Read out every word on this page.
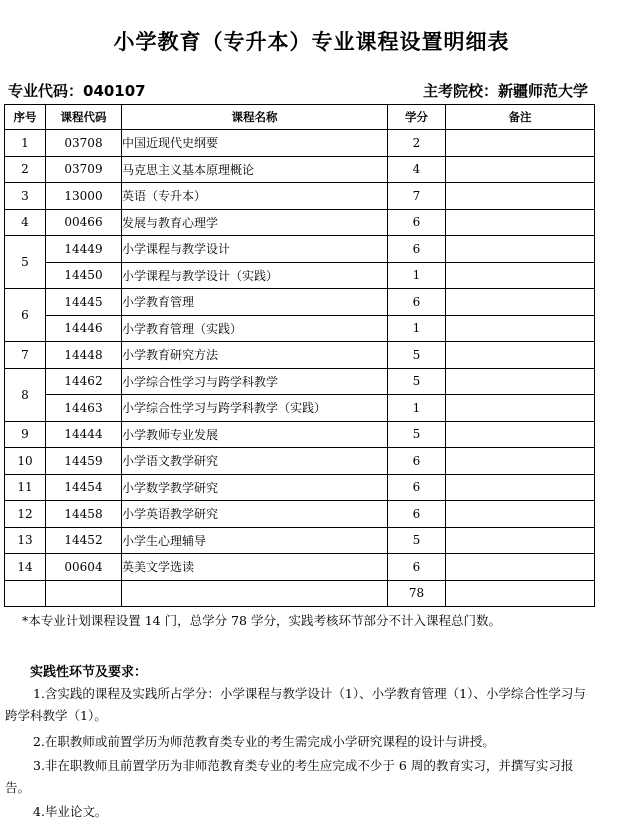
小学教育（专升本）专业课程设置明细表
专业代码：040107	主考院校：新疆师范大学
序号	课程代码	课程名称	学分	备注
1	03708	中国近现代史纲要	2	
2	03709	马克思主义基本原理概论	4	
3	13000	英语（专升本）	7	
4	00466	发展与教育心理学	6	
5	14449	小学课程与教学设计	6	
	14450	小学课程与教学设计（实践）	1	
6	14445	小学教育管理	6	
	14446	小学教育管理（实践）	1	
7	14448	小学教育研究方法	5	
8	14462	小学综合性学习与跨学科教学	5	
	14463	小学综合性学习与跨学科教学（实践）	1	
9	14444	小学教师专业发展	5	
10	14459	小学语文教学研究	6	
11	14454	小学数学教学研究	6	
12	14458	小学英语教学研究	6	
13	14452	小学生心理辅导	5	
14	00604	英美文学选读	6	
			78	
*本专业计划课程设置 14 门，总学分 78 学分，实践考核环节部分不计入课程总门数。
实践性环节及要求：
1.含实践的课程及实践所占学分：小学课程与教学设计（1）、小学教育管理（1）、小学综合性学习与跨学科教学（1）。
2.在职教师或前置学历为师范教育类专业的考生需完成小学研究课程的设计与讲授。
3.非在职教师且前置学历为非师范教育类专业的考生应完成不少于 6 周的教育实习，并撰写实习报告。
4.毕业论文。
